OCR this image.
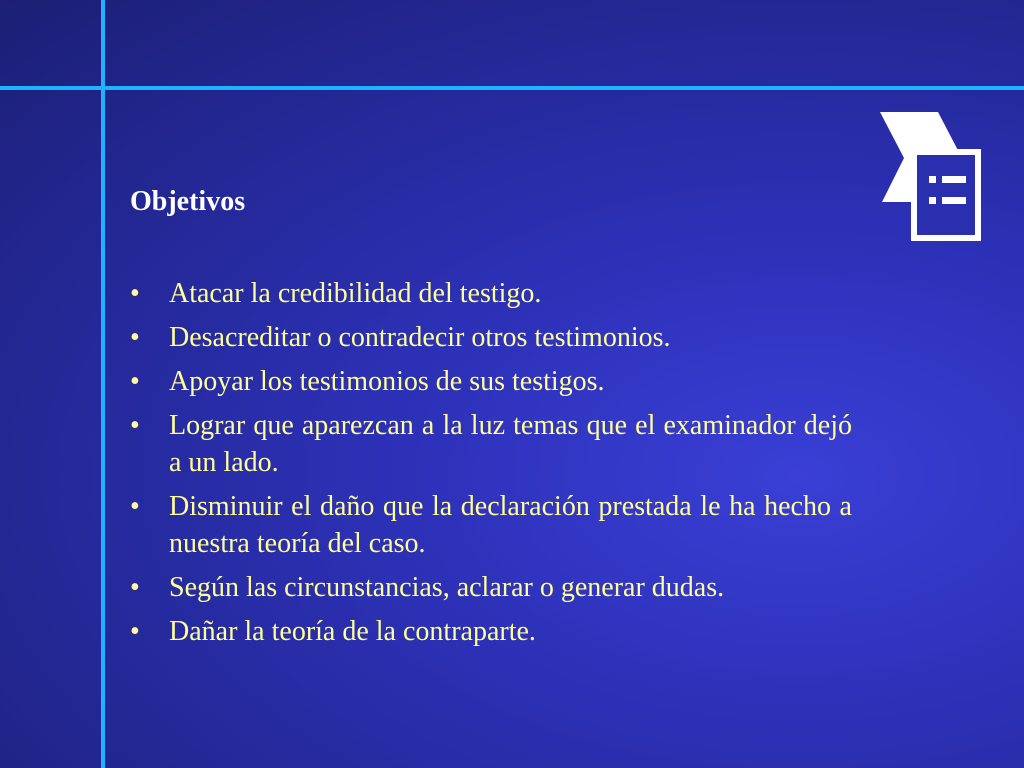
Objetivos
• Atacar la credibilidad del testigo.
• Desacreditar o contradecir otros testimonios.
• Apoyar los testimonios de sus testigos.
• Lograr que aparezcan a la luz temas que el examinador dejó a un lado.
• Disminuir el daño que la declaración prestada le ha hecho a nuestra teoría del caso.
• Según las circunstancias, aclarar o generar dudas.
• Dañar la teoría de la contraparte.
